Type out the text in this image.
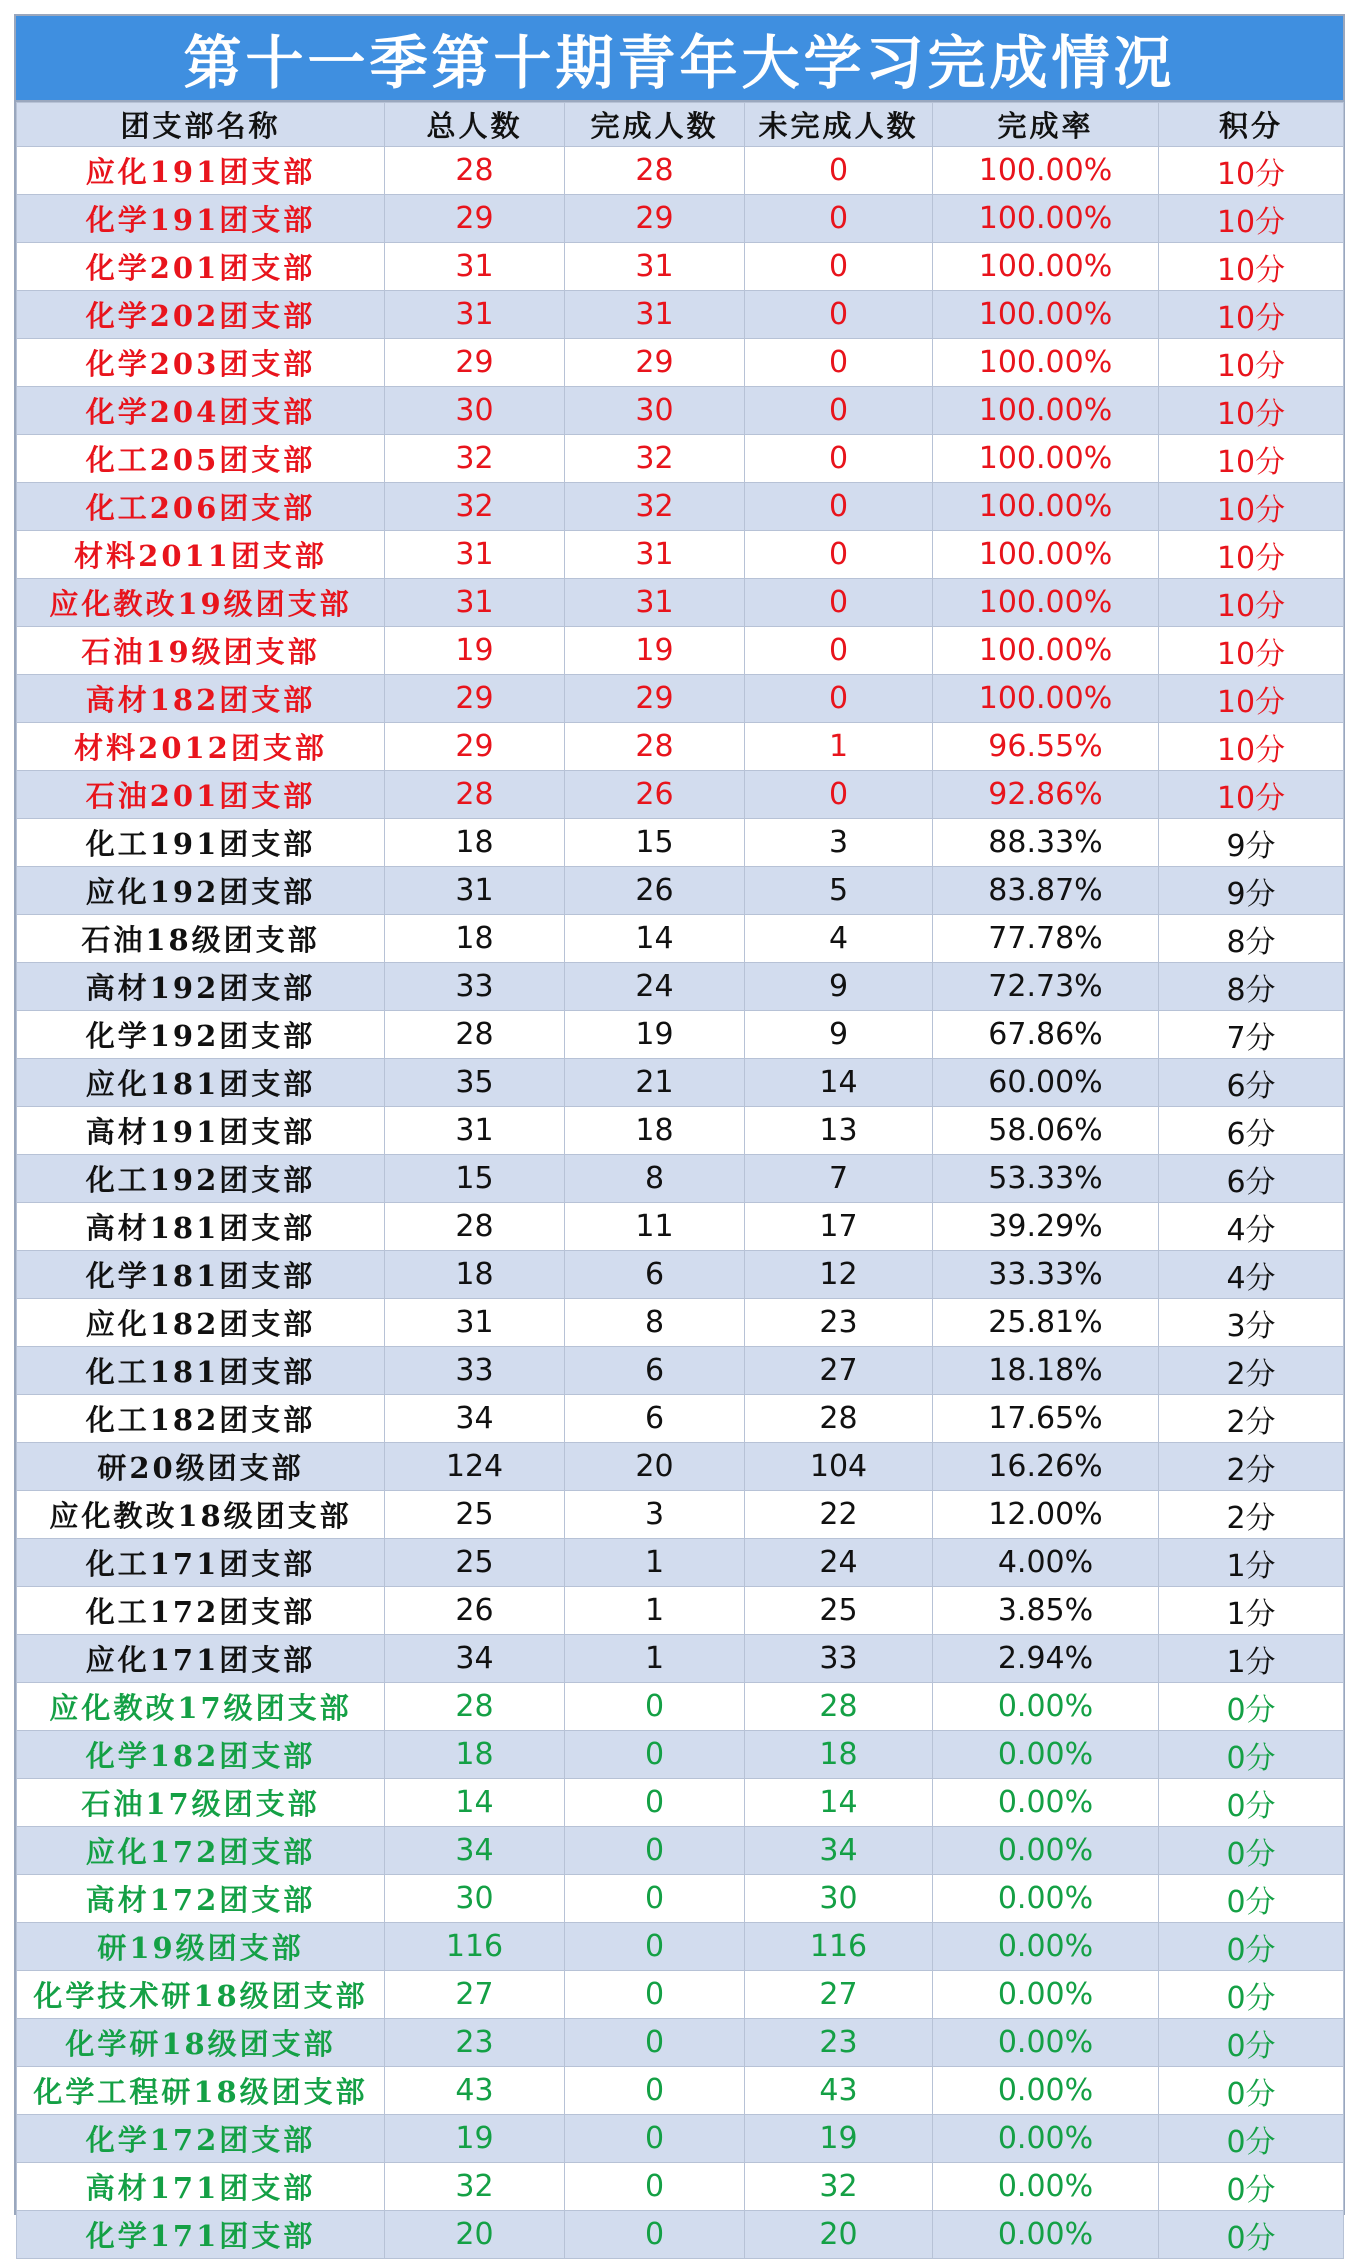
第十一季第十期青年大学习完成情况
团支部名称	总人数	完成人数	未完成人数	完成率	积分
应化191团支部	28	28	0	100.00%	10分
化学191团支部	29	29	0	100.00%	10分
化学201团支部	31	31	0	100.00%	10分
化学202团支部	31	31	0	100.00%	10分
化学203团支部	29	29	0	100.00%	10分
化学204团支部	30	30	0	100.00%	10分
化工205团支部	32	32	0	100.00%	10分
化工206团支部	32	32	0	100.00%	10分
材料2011团支部	31	31	0	100.00%	10分
应化教改19级团支部	31	31	0	100.00%	10分
石油19级团支部	19	19	0	100.00%	10分
高材182团支部	29	29	0	100.00%	10分
材料2012团支部	29	28	1	96.55%	10分
石油201团支部	28	26	0	92.86%	10分
化工191团支部	18	15	3	88.33%	9分
应化192团支部	31	26	5	83.87%	9分
石油18级团支部	18	14	4	77.78%	8分
高材192团支部	33	24	9	72.73%	8分
化学192团支部	28	19	9	67.86%	7分
应化181团支部	35	21	14	60.00%	6分
高材191团支部	31	18	13	58.06%	6分
化工192团支部	15	8	7	53.33%	6分
高材181团支部	28	11	17	39.29%	4分
化学181团支部	18	6	12	33.33%	4分
应化182团支部	31	8	23	25.81%	3分
化工181团支部	33	6	27	18.18%	2分
化工182团支部	34	6	28	17.65%	2分
研20级团支部	124	20	104	16.26%	2分
应化教改18级团支部	25	3	22	12.00%	2分
化工171团支部	25	1	24	4.00%	1分
化工172团支部	26	1	25	3.85%	1分
应化171团支部	34	1	33	2.94%	1分
应化教改17级团支部	28	0	28	0.00%	0分
化学182团支部	18	0	18	0.00%	0分
石油17级团支部	14	0	14	0.00%	0分
应化172团支部	34	0	34	0.00%	0分
高材172团支部	30	0	30	0.00%	0分
研19级团支部	116	0	116	0.00%	0分
化学技术研18级团支部	27	0	27	0.00%	0分
化学研18级团支部	23	0	23	0.00%	0分
化学工程研18级团支部	43	0	43	0.00%	0分
化学172团支部	19	0	19	0.00%	0分
高材171团支部	32	0	32	0.00%	0分
化学171团支部	20	0	20	0.00%	0分
